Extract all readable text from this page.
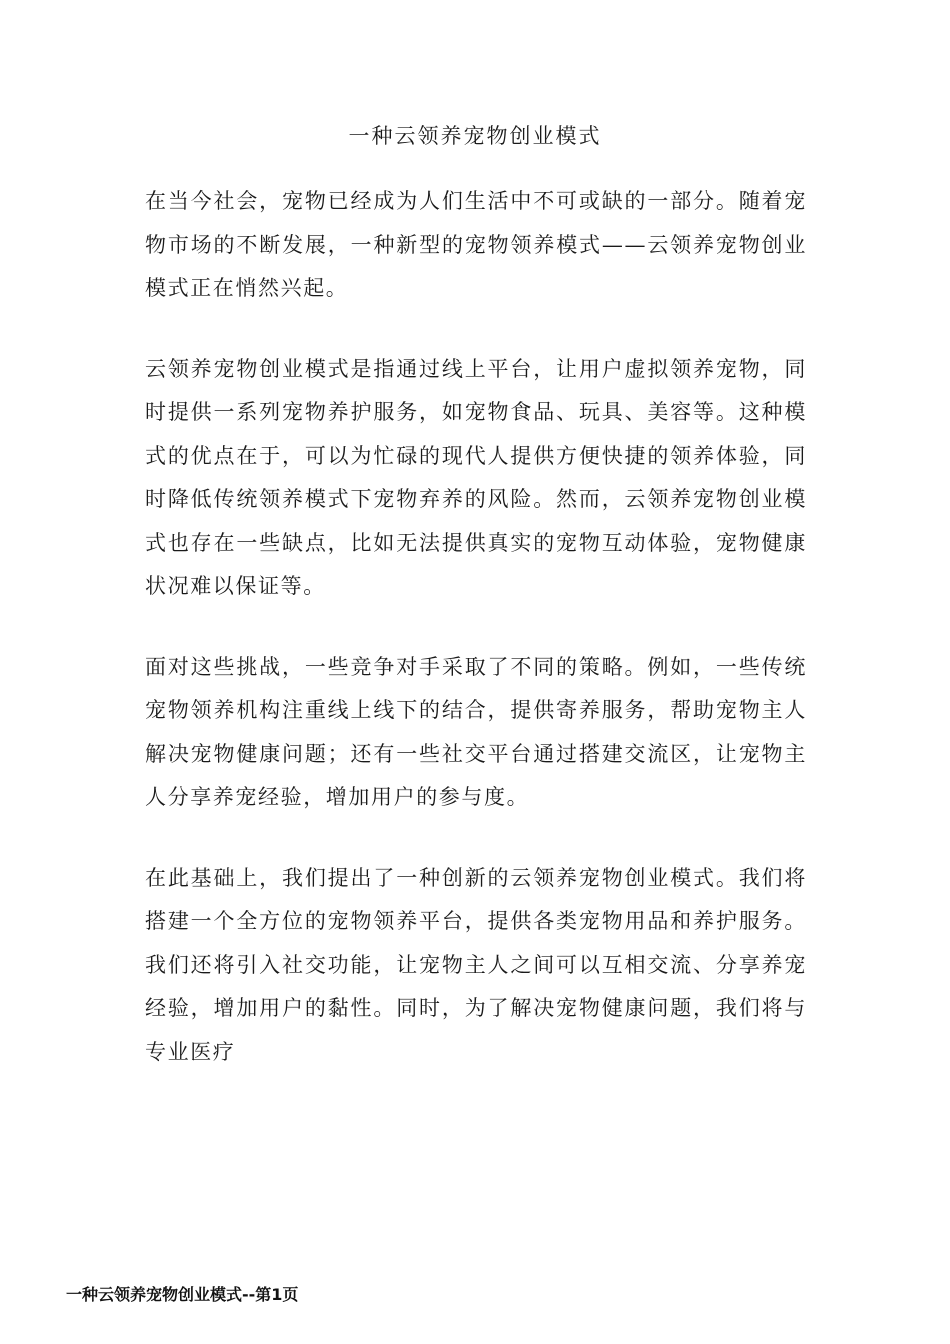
一种云领养宠物创业模式

在当今社会，宠物已经成为人们生活中不可或缺的一部分。随着宠物市场的不断发展，一种新型的宠物领养模式——云领养宠物创业模式正在悄然兴起。

云领养宠物创业模式是指通过线上平台，让用户虚拟领养宠物，同时提供一系列宠物养护服务，如宠物食品、玩具、美容等。这种模式的优点在于，可以为忙碌的现代人提供方便快捷的领养体验，同时降低传统领养模式下宠物弃养的风险。然而，云领养宠物创业模式也存在一些缺点，比如无法提供真实的宠物互动体验，宠物健康状况难以保证等。

面对这些挑战，一些竞争对手采取了不同的策略。例如，一些传统宠物领养机构注重线上线下的结合，提供寄养服务，帮助宠物主人解决宠物健康问题；还有一些社交平台通过搭建交流区，让宠物主人分享养宠经验，增加用户的参与度。

在此基础上，我们提出了一种创新的云领养宠物创业模式。我们将搭建一个全方位的宠物领养平台，提供各类宠物用品和养护服务。我们还将引入社交功能，让宠物主人之间可以互相交流、分享养宠经验，增加用户的黏性。同时，为了解决宠物健康问题，我们将与专业医疗

一种云领养宠物创业模式--第1页
